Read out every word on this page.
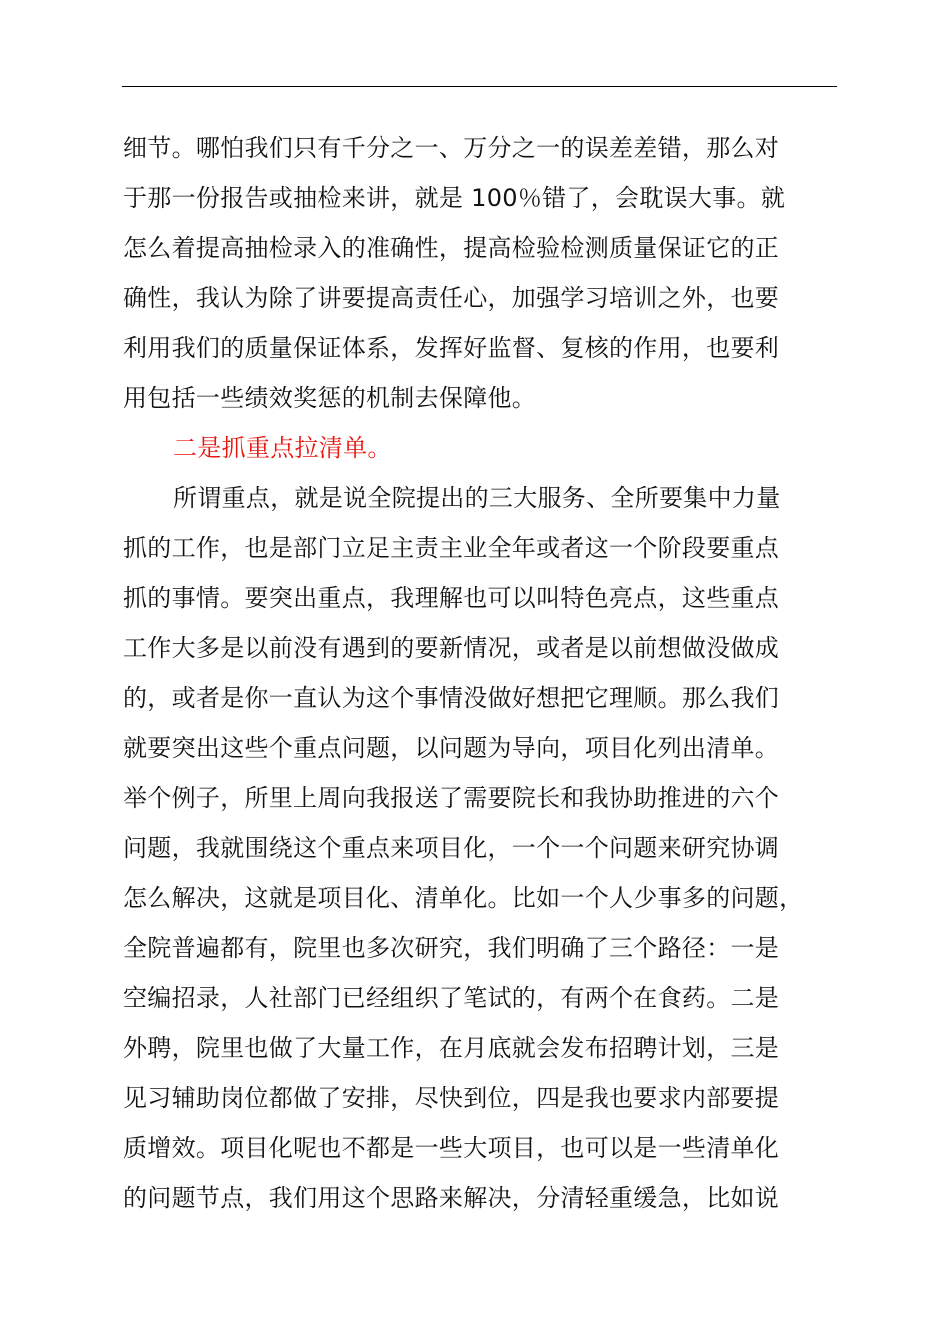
细节。哪怕我们只有千分之一、万分之一的误差差错，那么对
于那一份报告或抽检来讲，就是 100％错了，会耽误大事。就
怎么着提高抽检录入的准确性，提高检验检测质量保证它的正
确性，我认为除了讲要提高责任心，加强学习培训之外，也要
利用我们的质量保证体系，发挥好监督、复核的作用，也要利
用包括一些绩效奖惩的机制去保障他。
二是抓重点拉清单。
所谓重点，就是说全院提出的三大服务、全所要集中力量
抓的工作，也是部门立足主责主业全年或者这一个阶段要重点
抓的事情。要突出重点，我理解也可以叫特色亮点，这些重点
工作大多是以前没有遇到的要新情况，或者是以前想做没做成
的，或者是你一直认为这个事情没做好想把它理顺。那么我们
就要突出这些个重点问题，以问题为导向，项目化列出清单。
举个例子，所里上周向我报送了需要院长和我协助推进的六个
问题，我就围绕这个重点来项目化，一个一个问题来研究协调
怎么解决，这就是项目化、清单化。比如一个人少事多的问题，
全院普遍都有，院里也多次研究，我们明确了三个路径：一是
空编招录，人社部门已经组织了笔试的，有两个在食药。二是
外聘，院里也做了大量工作，在月底就会发布招聘计划，三是
见习辅助岗位都做了安排，尽快到位，四是我也要求内部要提
质增效。项目化呢也不都是一些大项目，也可以是一些清单化
的问题节点，我们用这个思路来解决，分清轻重缓急，比如说
